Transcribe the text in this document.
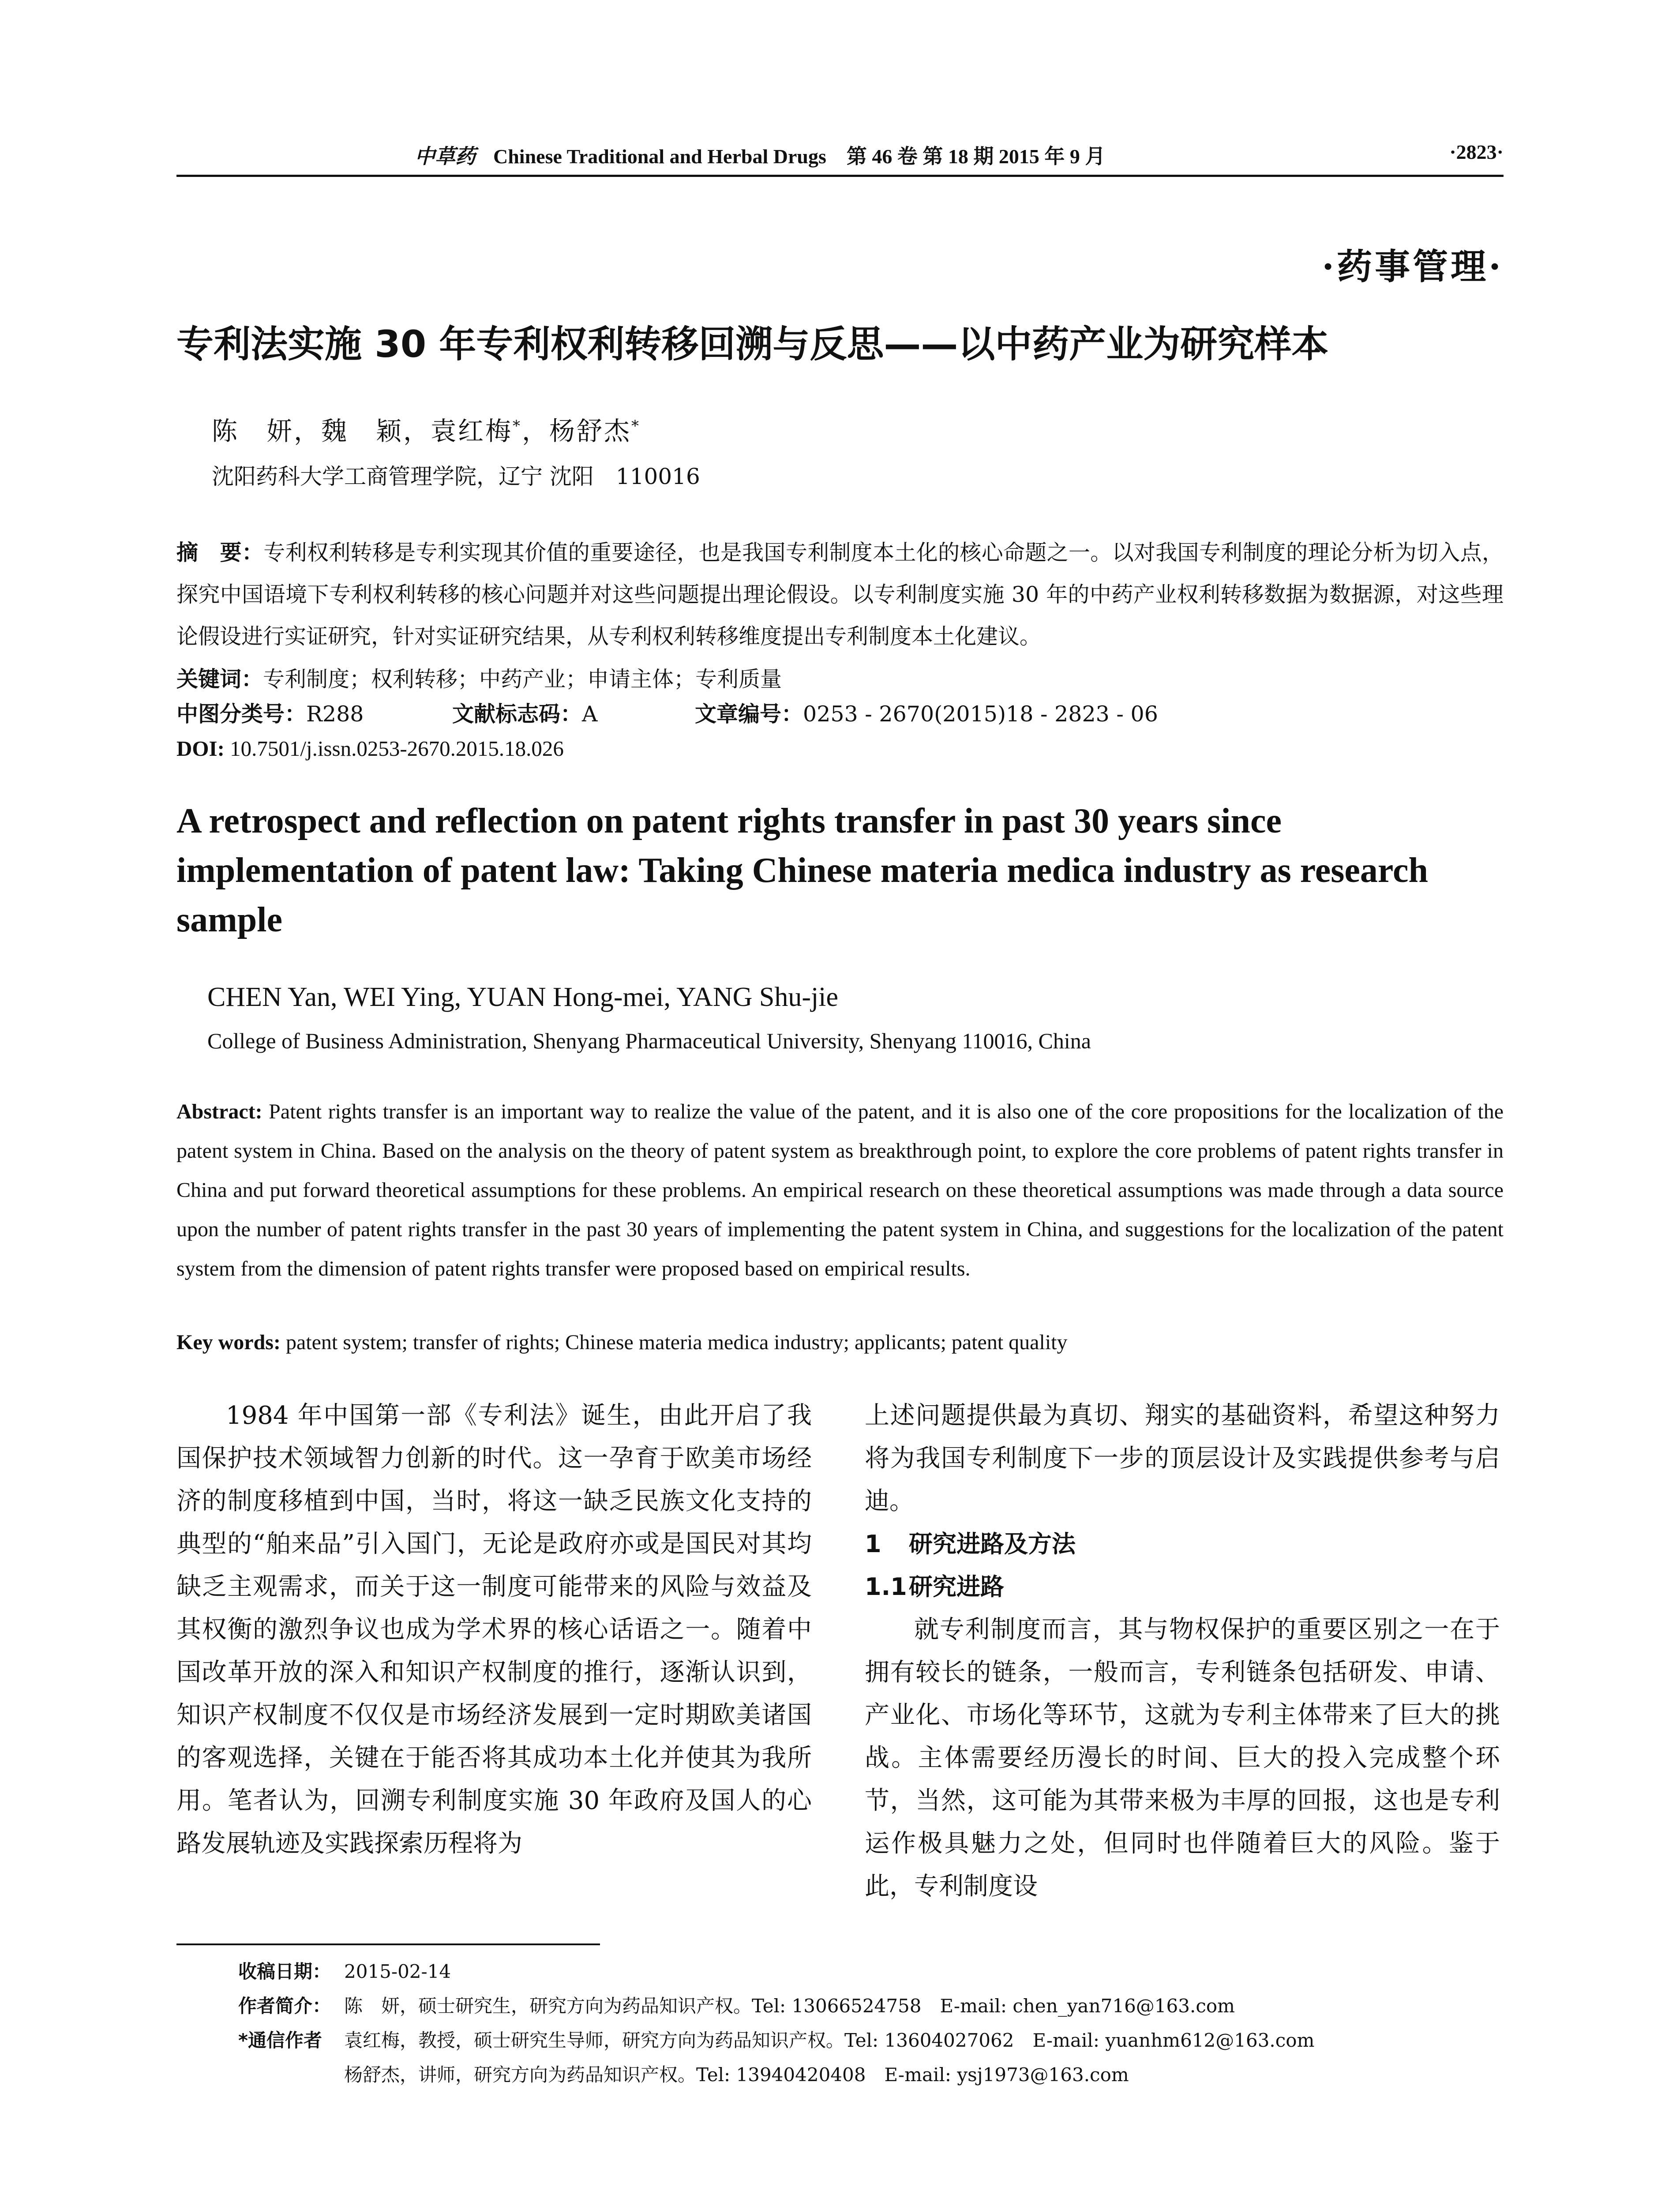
中草药 Chinese Traditional and Herbal Drugs　第 46 卷 第 18 期 2015 年 9 月	·2823·
·药事管理·
专利法实施 30 年专利权利转移回溯与反思——以中药产业为研究样本
陈　妍，魏　颖，袁红梅*，杨舒杰*
沈阳药科大学工商管理学院，辽宁 沈阳　110016
摘　要：专利权利转移是专利实现其价值的重要途径，也是我国专利制度本土化的核心命题之一。以对我国专利制度的理论分析为切入点，探究中国语境下专利权利转移的核心问题并对这些问题提出理论假设。以专利制度实施 30 年的中药产业权利转移数据为数据源，对这些理论假设进行实证研究，针对实证研究结果，从专利权利转移维度提出专利制度本土化建议。
关键词：专利制度；权利转移；中药产业；申请主体；专利质量
中图分类号：R288	文献标志码：A	文章编号：0253 - 2670(2015)18 - 2823 - 06
DOI: 10.7501/j.issn.0253-2670.2015.18.026
A retrospect and reflection on patent rights transfer in past 30 years since implementation of patent law: Taking Chinese materia medica industry as research sample
CHEN Yan, WEI Ying, YUAN Hong-mei, YANG Shu-jie
College of Business Administration, Shenyang Pharmaceutical University, Shenyang 110016, China
Abstract: Patent rights transfer is an important way to realize the value of the patent, and it is also one of the core propositions for the localization of the patent system in China. Based on the analysis on the theory of patent system as breakthrough point, to explore the core problems of patent rights transfer in China and put forward theoretical assumptions for these problems. An empirical research on these theoretical assumptions was made through a data source upon the number of patent rights transfer in the past 30 years of implementing the patent system in China, and suggestions for the localization of the patent system from the dimension of patent rights transfer were proposed based on empirical results.
Key words: patent system; transfer of rights; Chinese materia medica industry; applicants; patent quality

1984 年中国第一部《专利法》诞生，由此开启了我国保护技术领域智力创新的时代。这一孕育于欧美市场经济的制度移植到中国，当时，将这一缺乏民族文化支持的典型的“舶来品”引入国门，无论是政府亦或是国民对其均缺乏主观需求，而关于这一制度可能带来的风险与效益及其权衡的激烈争议也成为学术界的核心话语之一。随着中国改革开放的深入和知识产权制度的推行，逐渐认识到，知识产权制度不仅仅是市场经济发展到一定时期欧美诸国的客观选择，关键在于能否将其成功本土化并使其为我所用。笔者认为，回溯专利制度实施 30 年政府及国人的心路发展轨迹及实践探索历程将为

上述问题提供最为真切、翔实的基础资料，希望这种努力将为我国专利制度下一步的顶层设计及实践提供参考与启迪。

1 研究进路及方法

1.1研究进路

就专利制度而言，其与物权保护的重要区别之一在于拥有较长的链条，一般而言，专利链条包括研发、申请、产业化、市场化等环节，这就为专利主体带来了巨大的挑战。主体需要经历漫长的时间、巨大的投入完成整个环节，当然，这可能为其带来极为丰厚的回报，这也是专利运作极具魅力之处，但同时也伴随着巨大的风险。鉴于此，专利制度设

收稿日期： 2015-02-14
作者简介： 陈　妍，硕士研究生，研究方向为药品知识产权。Tel: 13066524758　E-mail: chen_yan716@163.com
*通信作者 袁红梅，教授，硕士研究生导师，研究方向为药品知识产权。Tel: 13604027062　E-mail: yuanhm612@163.com
杨舒杰，讲师，研究方向为药品知识产权。Tel: 13940420408　E-mail: ysj1973@163.com
